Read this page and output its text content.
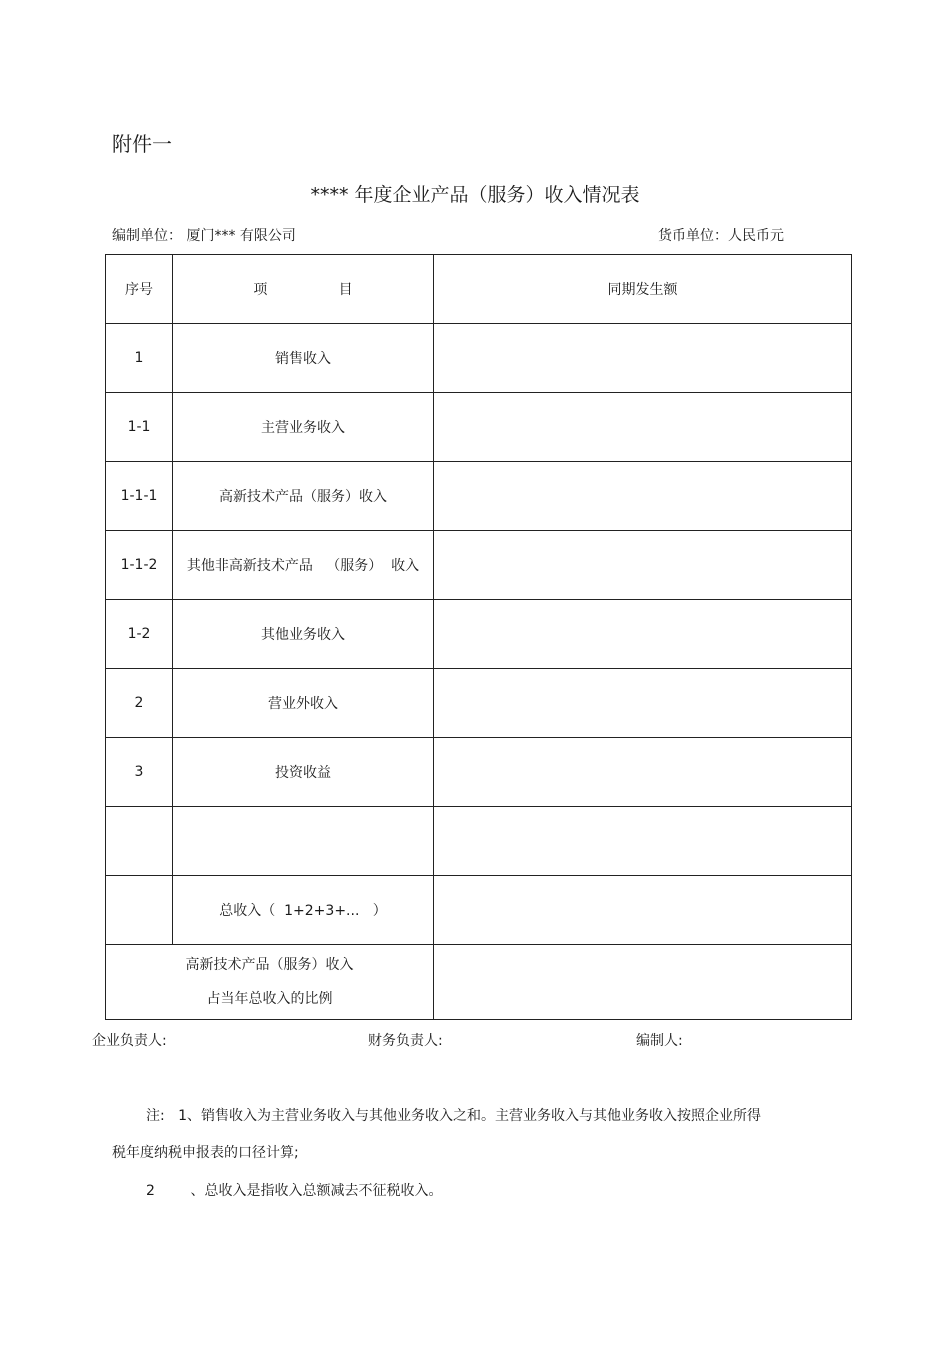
附件一
**** 年度企业产品（服务）收入情况表
编制单位： 厦门*** 有限公司	货币单位：人民币元
序号	项                目	同期发生额
1	销售收入	
1-1	主营业务收入	
1-1-1	高新技术产品（服务）收入	
1-1-2	其他非高新技术产品   （服务）  收入	
1-2	其他业务收入	
2	营业外收入	
3	投资收益	

	总收入（  1+2+3+...   ）	

高新技术产品（服务）收入
占当年总收入的比例		

企业负责人:	财务负责人:	编制人:
注:   1、销售收入为主营业务收入与其他业务收入之和。主营业务收入与其他业务收入按照企业所得
税年度纳税申报表的口径计算;
2        、总收入是指收入总额减去不征税收入。
